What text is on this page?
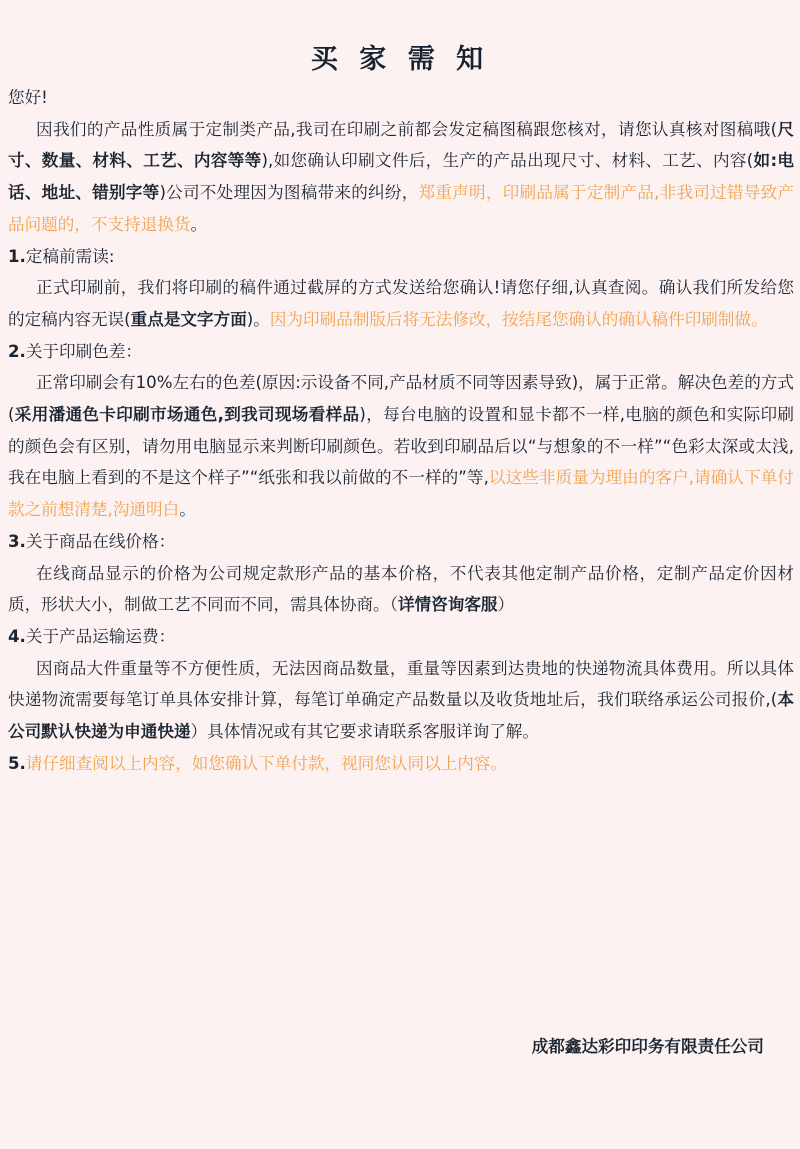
买 家 需 知

您好!

因我们的产品性质属于定制类产品,我司在印刷之前都会发定稿图稿跟您核对，请您认真核对图稿哦(尺寸、数量、材料、工艺、内容等等),如您确认印刷文件后，生产的产品出现尺寸、材料、工艺、内容(如:电话、地址、错别字等)公司不处理因为图稿带来的纠纷，郑重声明，印刷品属于定制产品,非我司过错导致产品问题的，不支持退换货。

1.定稿前需读:

正式印刷前，我们将印刷的稿件通过截屏的方式发送给您确认!请您仔细,认真查阅。确认我们所发给您的定稿内容无误(重点是文字方面)。因为印刷品制版后将无法修改，按结尾您确认的确认稿件印刷制做。

2.关于印刷色差：

正常印刷会有10%左右的色差(原因:示设备不同,产品材质不同等因素导致)，属于正常。解决色差的方式(采用潘通色卡印刷市场通色,到我司现场看样品)，每台电脑的设置和显卡都不一样,电脑的颜色和实际印刷的颜色会有区别，请勿用电脑显示来判断印刷颜色。若收到印刷品后以“与想象的不一样”“色彩太深或太浅,我在电脑上看到的不是这个样子”“纸张和我以前做的不一样的”等,以这些非质量为理由的客户,请确认下单付款之前想清楚,沟通明白。

3.关于商品在线价格：

在线商品显示的价格为公司规定款形产品的基本价格，不代表其他定制产品价格，定制产品定价因材质，形状大小，制做工艺不同而不同，需具体协商。（详情咨询客服）

4.关于产品运输运费：

因商品大件重量等不方便性质，无法因商品数量，重量等因素到达贵地的快递物流具体费用。所以具体快递物流需要每笔订单具体安排计算，每笔订单确定产品数量以及收货地址后，我们联络承运公司报价,(本公司默认快递为申通快递）具体情况或有其它要求请联系客服详询了解。

5.请仔细查阅以上内容，如您确认下单付款，视同您认同以上内容。

成都鑫达彩印印务有限责任公司
